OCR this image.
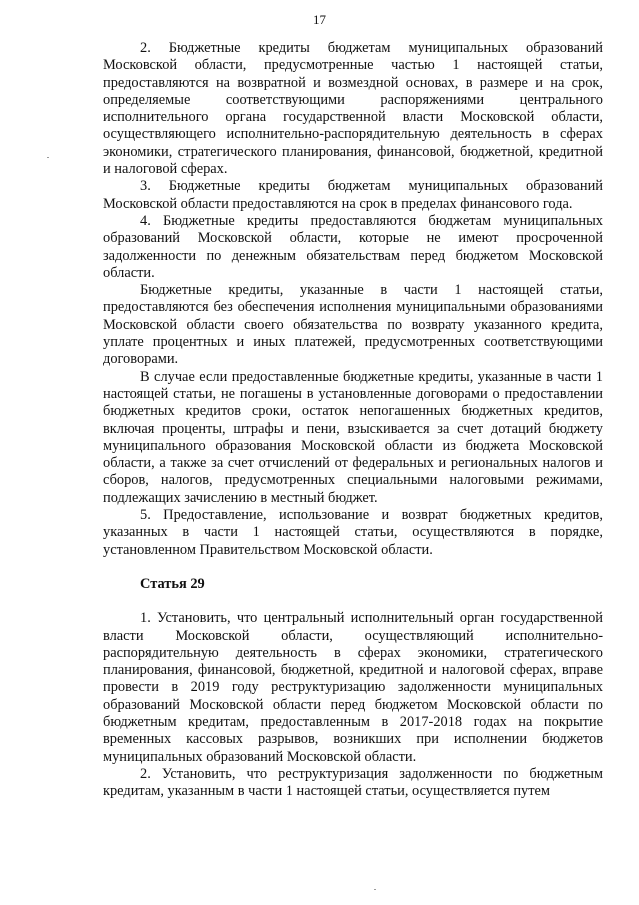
17

2. Бюджетные кредиты бюджетам муниципальных образований Московской области, предусмотренные частью 1 настоящей статьи, предоставляются на возвратной и возмездной основах, в размере и на срок, определяемые соответствующими распоряжениями центрального исполнительного органа государственной власти Московской области, осуществляющего исполнительно-распорядительную деятельность в сферах экономики, стратегического планирования, финансовой, бюджетной, кредитной и налоговой сферах.

3. Бюджетные кредиты бюджетам муниципальных образований Московской области предоставляются на срок в пределах финансового года.

4. Бюджетные кредиты предоставляются бюджетам муниципальных образований Московской области, которые не имеют просроченной задолженности по денежным обязательствам перед бюджетом Московской области.

Бюджетные кредиты, указанные в части 1 настоящей статьи, предоставляются без обеспечения исполнения муниципальными образованиями Московской области своего обязательства по возврату указанного кредита, уплате процентных и иных платежей, предусмотренных соответствующими договорами.

В случае если предоставленные бюджетные кредиты, указанные в части 1 настоящей статьи, не погашены в установленные договорами о предоставлении бюджетных кредитов сроки, остаток непогашенных бюджетных кредитов, включая проценты, штрафы и пени, взыскивается за счет дотаций бюджету муниципального образования Московской области из бюджета Московской области, а также за счет отчислений от федеральных и региональных налогов и сборов, налогов, предусмотренных специальными налоговыми режимами, подлежащих зачислению в местный бюджет.

5. Предоставление, использование и возврат бюджетных кредитов, указанных в части 1 настоящей статьи, осуществляются в порядке, установленном Правительством Московской области.

Статья 29

1. Установить, что центральный исполнительный орган государственной власти Московской области, осуществляющий исполнительно-распорядительную деятельность в сферах экономики, стратегического планирования, финансовой, бюджетной, кредитной и налоговой сферах, вправе провести в 2019 году реструктуризацию задолженности муниципальных образований Московской области перед бюджетом Московской области по бюджетным кредитам, предоставленным в 2017-2018 годах на покрытие временных кассовых разрывов, возникших при исполнении бюджетов муниципальных образований Московской области.

2. Установить, что реструктуризация задолженности по бюджетным кредитам, указанным в части 1 настоящей статьи, осуществляется путем
